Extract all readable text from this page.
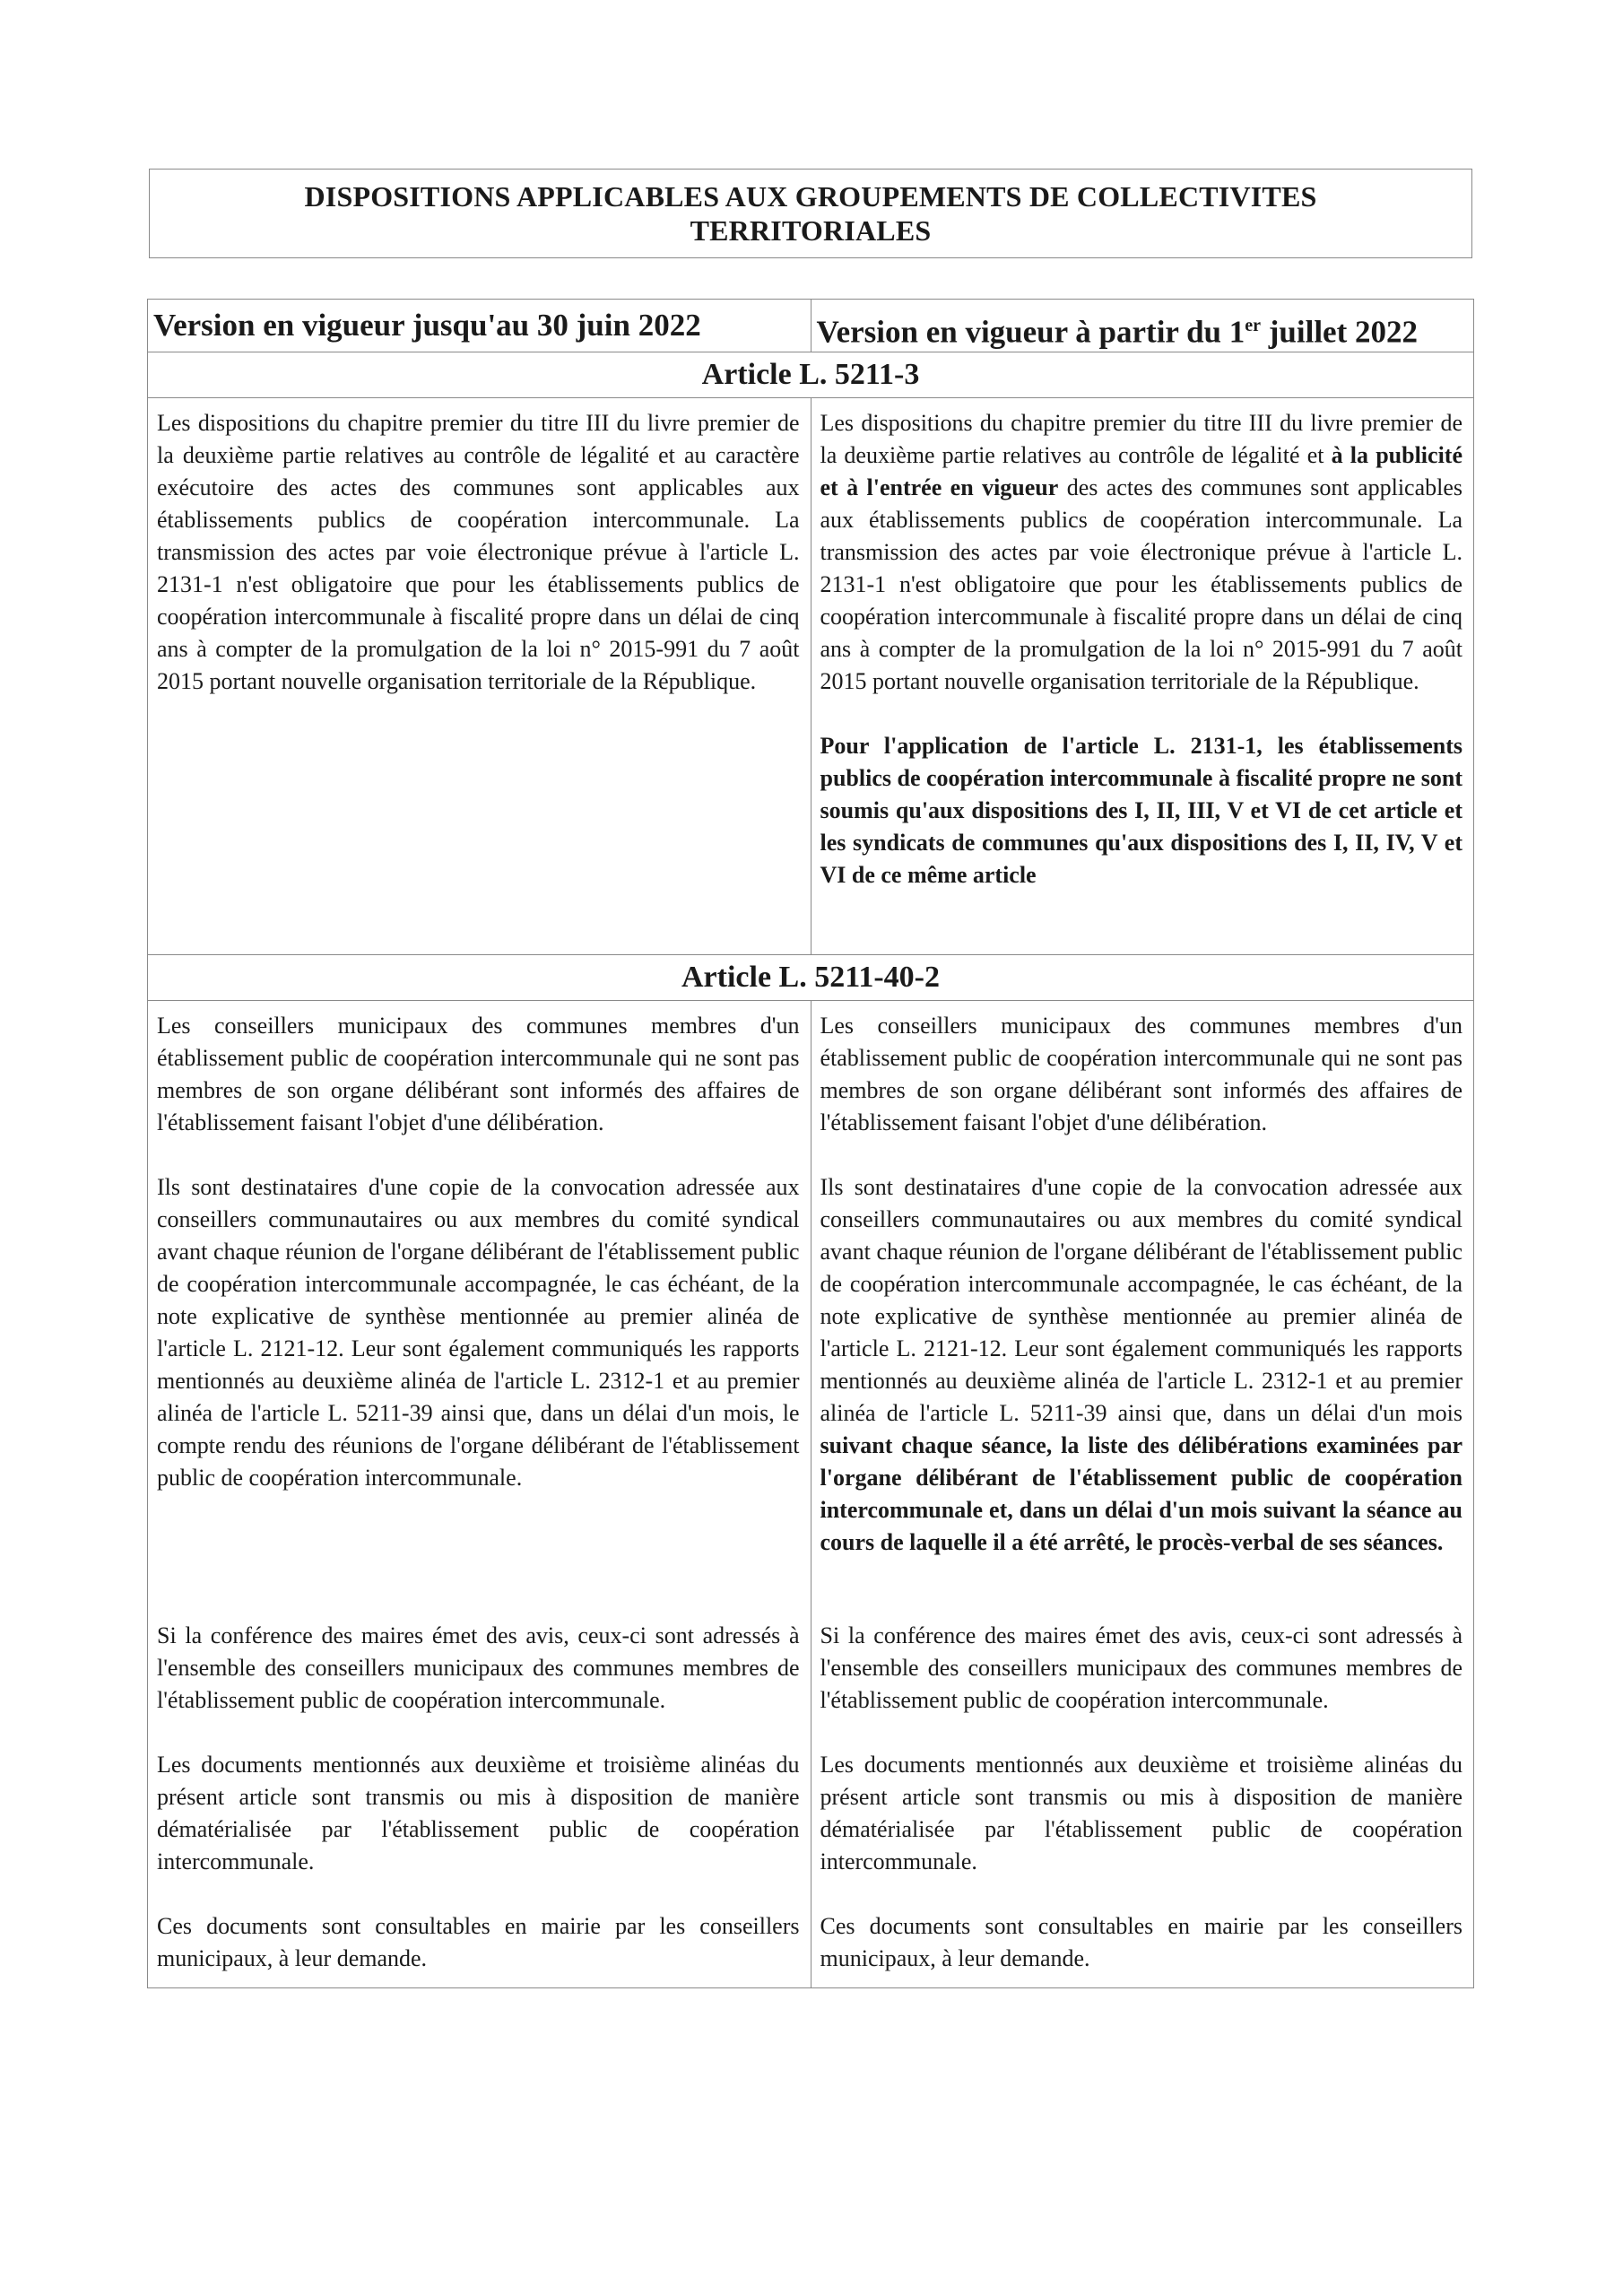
DISPOSITIONS APPLICABLES AUX GROUPEMENTS DE COLLECTIVITES
TERRITORIALES
Version en vigueur jusqu'au 30 juin 2022	Version en vigueur à partir du 1er juillet 2022
Article L. 5211-3
Les dispositions du chapitre premier du titre III du livre premier de la deuxième partie relatives au contrôle de légalité et au caractère exécutoire des actes des communes sont applicables aux établissements publics de coopération intercommunale. La transmission des actes par voie électronique prévue à l'article L. 2131-1 n'est obligatoire que pour les établissements publics de coopération intercommunale à fiscalité propre dans un délai de cinq ans à compter de la promulgation de la loi n° 2015-991 du 7 août 2015 portant nouvelle organisation territoriale de la République.
Les dispositions du chapitre premier du titre III du livre premier de la deuxième partie relatives au contrôle de légalité et à la publicité et à l'entrée en vigueur des actes des communes sont applicables aux établissements publics de coopération intercommunale. La transmission des actes par voie électronique prévue à l'article L. 2131-1 n'est obligatoire que pour les établissements publics de coopération intercommunale à fiscalité propre dans un délai de cinq ans à compter de la promulgation de la loi n° 2015-991 du 7 août 2015 portant nouvelle organisation territoriale de la République.
Pour l'application de l'article L. 2131-1, les établissements publics de coopération intercommunale à fiscalité propre ne sont soumis qu'aux dispositions des I, II, III, V et VI de cet article et les syndicats de communes qu'aux dispositions des I, II, IV, V et VI de ce même article
Article L. 5211-40-2
Les conseillers municipaux des communes membres d'un établissement public de coopération intercommunale qui ne sont pas membres de son organe délibérant sont informés des affaires de l'établissement faisant l'objet d'une délibération.
Ils sont destinataires d'une copie de la convocation adressée aux conseillers communautaires ou aux membres du comité syndical avant chaque réunion de l'organe délibérant de l'établissement public de coopération intercommunale accompagnée, le cas échéant, de la note explicative de synthèse mentionnée au premier alinéa de l'article L. 2121-12. Leur sont également communiqués les rapports mentionnés au deuxième alinéa de l'article L. 2312-1 et au premier alinéa de l'article L. 5211-39 ainsi que, dans un délai d'un mois, le compte rendu des réunions de l'organe délibérant de l'établissement public de coopération intercommunale.
Si la conférence des maires émet des avis, ceux-ci sont adressés à l'ensemble des conseillers municipaux des communes membres de l'établissement public de coopération intercommunale.
Les documents mentionnés aux deuxième et troisième alinéas du présent article sont transmis ou mis à disposition de manière dématérialisée par l'établissement public de coopération intercommunale.
Ces documents sont consultables en mairie par les conseillers municipaux, à leur demande.
Les conseillers municipaux des communes membres d'un établissement public de coopération intercommunale qui ne sont pas membres de son organe délibérant sont informés des affaires de l'établissement faisant l'objet d'une délibération.
Ils sont destinataires d'une copie de la convocation adressée aux conseillers communautaires ou aux membres du comité syndical avant chaque réunion de l'organe délibérant de l'établissement public de coopération intercommunale accompagnée, le cas échéant, de la note explicative de synthèse mentionnée au premier alinéa de l'article L. 2121-12. Leur sont également communiqués les rapports mentionnés au deuxième alinéa de l'article L. 2312-1 et au premier alinéa de l'article L. 5211-39 ainsi que, dans un délai d'un mois suivant chaque séance, la liste des délibérations examinées par l'organe délibérant de l'établissement public de coopération intercommunale et, dans un délai d'un mois suivant la séance au cours de laquelle il a été arrêté, le procès-verbal de ses séances.
Si la conférence des maires émet des avis, ceux-ci sont adressés à l'ensemble des conseillers municipaux des communes membres de l'établissement public de coopération intercommunale.
Les documents mentionnés aux deuxième et troisième alinéas du présent article sont transmis ou mis à disposition de manière dématérialisée par l'établissement public de coopération intercommunale.
Ces documents sont consultables en mairie par les conseillers municipaux, à leur demande.
